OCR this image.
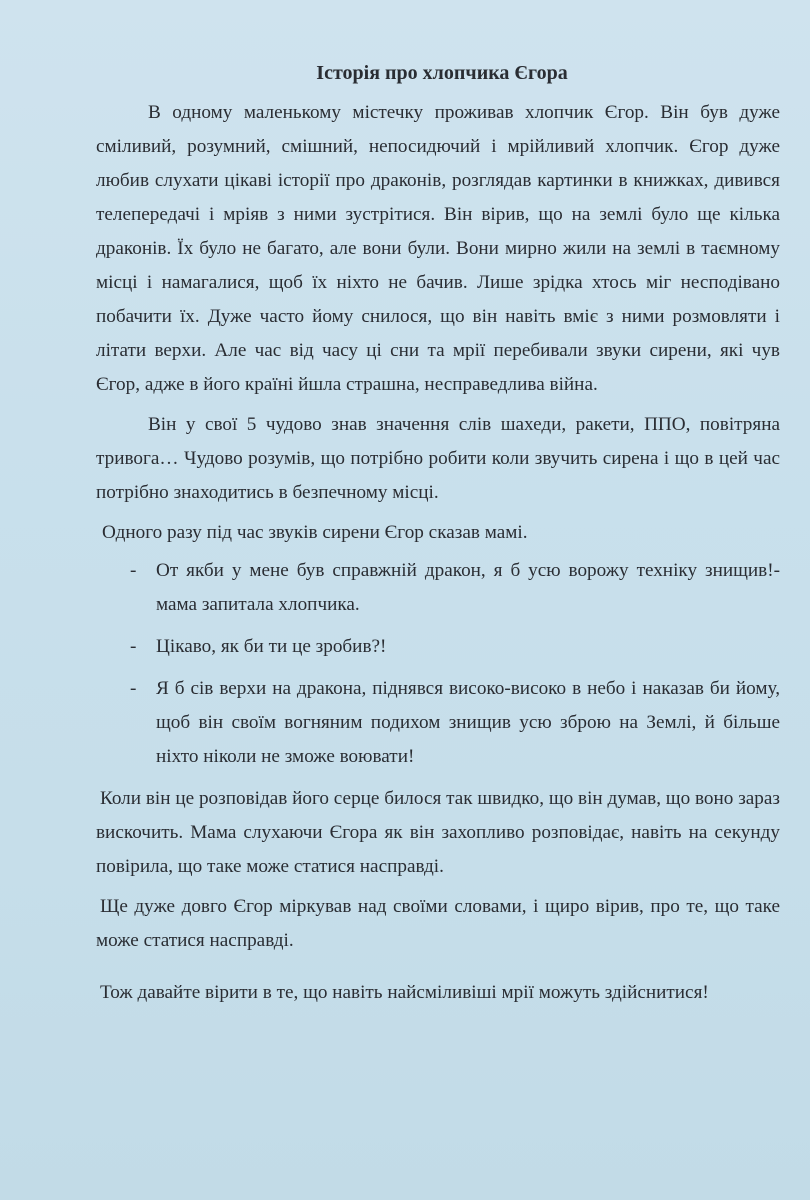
Історія про хлопчика Єгора

В одному маленькому містечку проживав хлопчик Єгор. Він був дуже сміливий, розумний, смішний, непосидючий і мрійливий хлопчик. Єгор дуже любив слухати цікаві історії про драконів, розглядав картинки в книжках, дивився телепередачі і мріяв з ними зустрітися. Він вірив, що на землі було ще кілька драконів. Їх було не багато, але вони були. Вони мирно жили на землі в таємному місці і намагалися, щоб їх ніхто не бачив. Лише зрідка хтось міг несподівано побачити їх. Дуже часто йому снилося, що він навіть вміє з ними розмовляти і літати верхи. Але час від часу ці сни та мрії перебивали звуки сирени, які чув Єгор, адже в його країні йшла страшна, несправедлива війна.

Він у свої 5 чудово знав значення слів шахеди, ракети, ППО, повітряна тривога… Чудово розумів, що потрібно робити коли звучить сирена і що в цей час потрібно знаходитись в безпечному місці.

Одного разу під час звуків сирени Єгор сказав мамі.

- От якби у мене був справжній дракон, я б усю ворожу техніку знищив!- мама запитала хлопчика.
- Цікаво, як би ти це зробив?!
- Я б сів верхи на дракона, піднявся високо-високо в небо і наказав би йому, щоб він своїм вогняним подихом знищив усю зброю на Землі, й більше ніхто ніколи не зможе воювати!

Коли він це розповідав його серце билося так швидко, що він думав, що воно зараз вискочить. Мама слухаючи Єгора як він захопливо розповідає, навіть на секунду повірила, що таке може статися насправді.

Ще дуже довго Єгор міркував над своїми словами, і щиро вірив, про те, що таке може статися насправді.

Тож давайте вірити в те, що навіть найсміливіші мрії можуть здійснитися!
